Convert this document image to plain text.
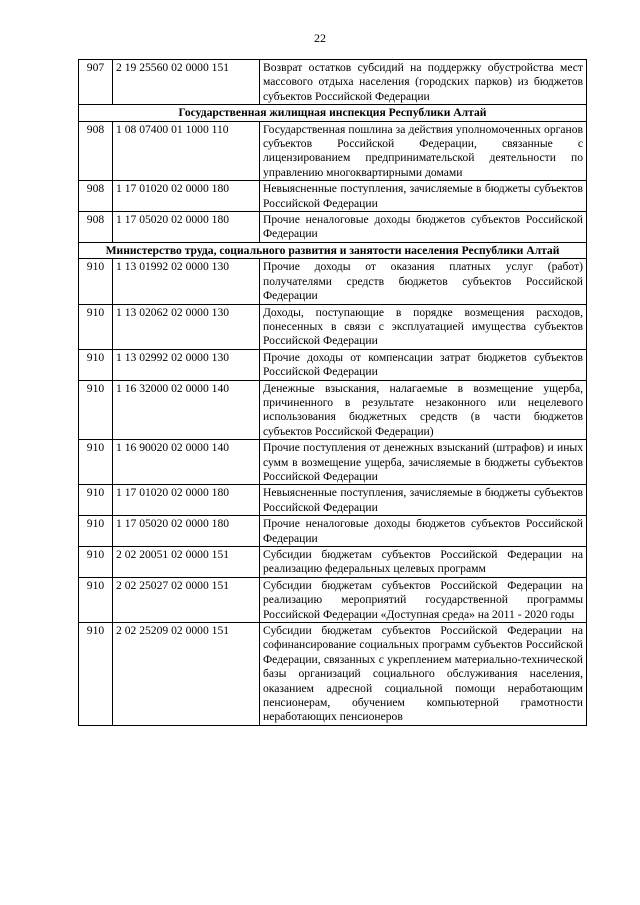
22
907	2 19 25560 02 0000 151	Возврат остатков субсидий на поддержку обустройства мест массового отдыха населения (городских парков) из бюджетов субъектов Российской Федерации
Государственная жилищная инспекция Республики Алтай		
908	1 08 07400 01 1000 110	Государственная пошлина за действия уполномоченных органов субъектов Российской Федерации, связанные с лицензированием предпринимательской деятельности по управлению многоквартирными домами
908	1 17 01020 02 0000 180	Невыясненные поступления, зачисляемые в бюджеты субъектов Российской Федерации
908	1 17 05020 02 0000 180	Прочие неналоговые доходы бюджетов субъектов Российской Федерации
Министерство труда, социального развития и занятости населения Республики Алтай		
910	1 13 01992 02 0000 130	Прочие доходы от оказания платных услуг (работ) получателями средств бюджетов субъектов Российской Федерации
910	1 13 02062 02 0000 130	Доходы, поступающие в порядке возмещения расходов, понесенных в связи с эксплуатацией имущества субъектов Российской Федерации
910	1 13 02992 02 0000 130	Прочие доходы от компенсации затрат бюджетов субъектов Российской Федерации
910	1 16 32000 02 0000 140	Денежные взыскания, налагаемые в возмещение ущерба, причиненного в результате незаконного или нецелевого использования бюджетных средств (в части бюджетов субъектов Российской Федерации)
910	1 16 90020 02 0000 140	Прочие поступления от денежных взысканий (штрафов) и иных сумм в возмещение ущерба, зачисляемые в бюджеты субъектов Российской Федерации
910	1 17 01020 02 0000 180	Невыясненные поступления, зачисляемые в бюджеты субъектов Российской Федерации
910	1 17 05020 02 0000 180	Прочие неналоговые доходы бюджетов субъектов Российской Федерации
910	2 02 20051 02 0000 151	Субсидии бюджетам субъектов Российской Федерации на реализацию федеральных целевых программ
910	2 02 25027 02 0000 151	Субсидии бюджетам субъектов Российской Федерации на реализацию мероприятий государственной программы Российской Федерации «Доступная среда» на 2011 - 2020 годы
910	2 02 25209 02 0000 151	Субсидии бюджетам субъектов Российской Федерации на софинансирование социальных программ субъектов Российской Федерации, связанных с укреплением материально-технической базы организаций социального обслуживания населения, оказанием адресной социальной помощи неработающим пенсионерам, обучением компьютерной грамотности неработающих пенсионеров
